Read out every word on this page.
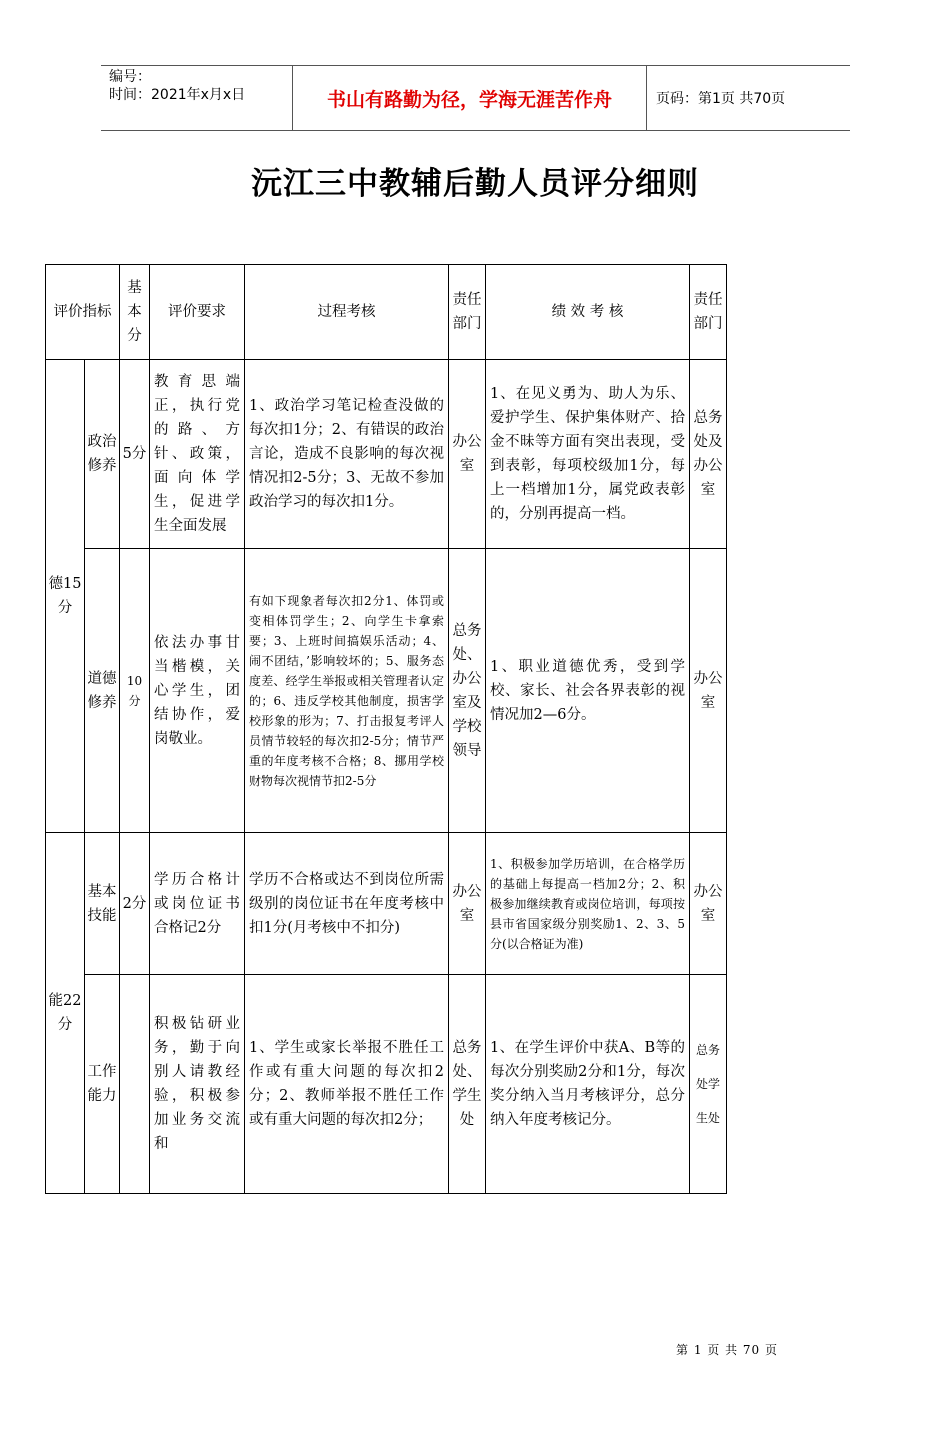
编号：
时间：2021年x月x日	书山有路勤为径，学海无涯苦作舟	页码：第1页 共70页
沅江三中教辅后勤人员评分细则
评价指标		基本分	评价要求	过程考核	责任部门	绩 效 考 核	责任部门
德15分	政治修养	5分	教育思端正，执行党的路、方针、政策，面向体学生，促进学生全面发展	1、政治学习笔记检查没做的每次扣1分；2、有错误的政治言论，造成不良影响的每次视情况扣2-5分；3、无故不参加政治学习的每次扣1分。	办公室	1、在见义勇为、助人为乐、爱护学生、保护集体财产、拾金不昧等方面有突出表现，受到表彰，每项校级加1分，每上一档增加1分，属党政表彰的，分别再提高一档。	总务处及办公室
	道德修养	10分	依法办事甘当楷模，关心学生，团结协作，爱岗敬业。	有如下现象者每次扣2分1、体罚或变相体罚学生；2、向学生卡拿索要；3、上班时间搞娱乐活动；4、闹不团结，’影响较坏的；5、服务态度差、经学生举报或相关管理者认定的；6、违反学校其他制度，损害学校形象的形为；7、打击报复考评人员情节较轻的每次扣2-5分；情节严重的年度考核不合格；8、挪用学校财物每次视情节扣2-5分	总务处、办公室及学校领导	1、职业道德优秀，受到学校、家长、社会各界表彰的视情况加2—6分。	办公室
能22分	基本技能	2分	学历合格计或岗位证书合格记2分	学历不合格或达不到岗位所需级别的岗位证书在年度考核中扣1分(月考核中不扣分)	办公室	1、积极参加学历培训，在合格学历的基础上每提高一档加2分；2、积极参加继续教育或岗位培训，每项按县市省国家级分别奖励1、2、3、5分(以合格证为准)	办公室
	工作能力		积极钻研业务，勤于向别人请教经验，积极参加业务交流和	1、学生或家长举报不胜任工作或有重大问题的每次扣2分；2、教师举报不胜任工作或有重大问题的每次扣2分；	总务处、学生处	1、在学生评价中获A、B等的每次分别奖励2分和1分，每次奖分纳入当月考核评分，总分纳入年度考核记分。	总务处学生处
第 1 页 共 70 页
